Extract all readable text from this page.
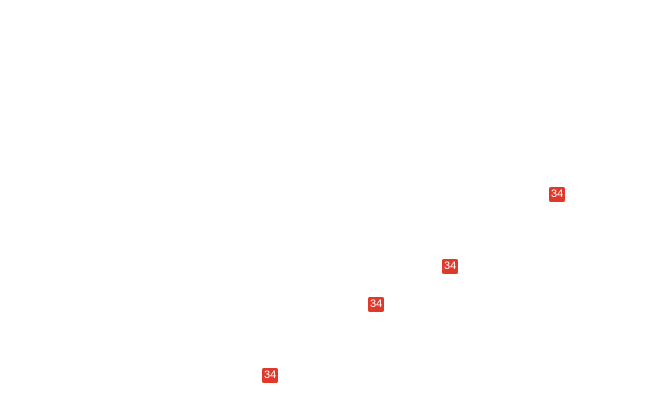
34
34
34
34
